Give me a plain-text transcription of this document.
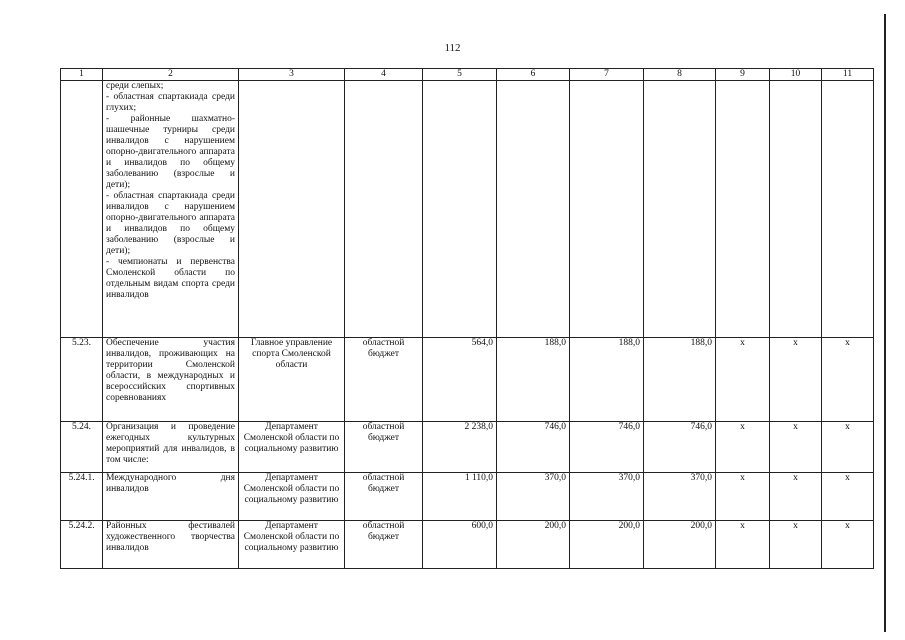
112
1	2	3	4	5	6	7	8	9	10	11

	среди слепых;
- областная спартакиада среди глухих;
- районные шахматно-шашечные турниры среди инвалидов с нарушением опорно-двигательного аппарата и инвалидов по общему заболеванию (взрослые и дети);
- областная спартакиада среди инвалидов с нарушением опорно-двигательного аппарата и инвалидов по общему заболеванию (взрослые и дети);
- чемпионаты и первенства Смоленской области по отдельным видам спорта среди инвалидов									

5.23.	Обеспечение участия инвалидов, проживающих на территории Смоленской области, в международных и всероссийских спортивных соревнованиях	Главное управление спорта Смоленской области	областной бюджет	564,0	188,0	188,0	188,0	х	х	х
5.24.	Организация и проведение ежегодных культурных мероприятий для инвалидов, в том числе:	Департамент Смоленской области по социальному развитию	областной бюджет	2 238,0	746,0	746,0	746,0	х	х	х
5.24.1.	Международного дня инвалидов	Департамент Смоленской области по социальному развитию	областной бюджет	1 110,0	370,0	370,0	370,0	х	х	х
5.24.2.	Районных фестивалей художественного творчества инвалидов	Департамент Смоленской области по социальному развитию	областной бюджет	600,0	200,0	200,0	200,0	х	х	х
